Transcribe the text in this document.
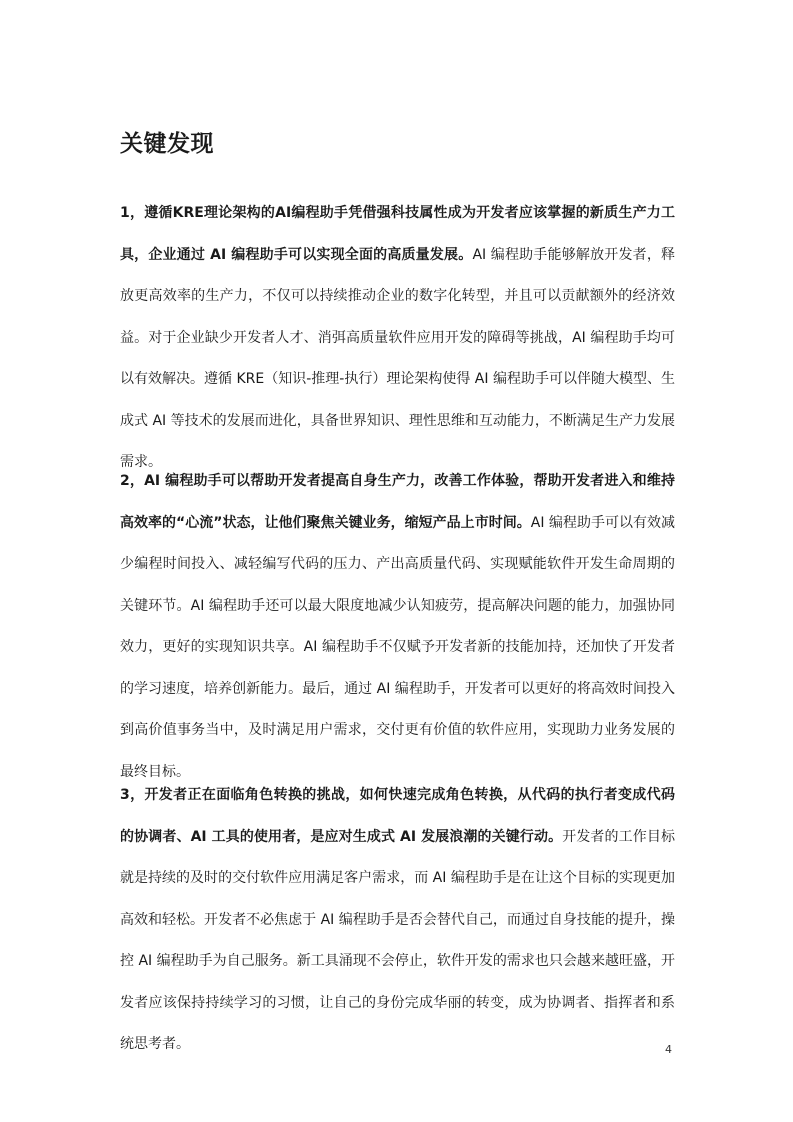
关键发现

1，遵循KRE理论架构的AI编程助手凭借强科技属性成为开发者应该掌握的新质生产力工具，企业通过 AI 编程助手可以实现全面的高质量发展。AI 编程助手能够解放开发者，释放更高效率的生产力，不仅可以持续推动企业的数字化转型，并且可以贡献额外的经济效益。对于企业缺少开发者人才、消弭高质量软件应用开发的障碍等挑战，AI 编程助手均可以有效解决。遵循 KRE（知识-推理-执行）理论架构使得 AI 编程助手可以伴随大模型、生成式 AI 等技术的发展而进化，具备世界知识、理性思维和互动能力，不断满足生产力发展需求。

2，AI 编程助手可以帮助开发者提高自身生产力，改善工作体验，帮助开发者进入和维持高效率的“心流”状态，让他们聚焦关键业务，缩短产品上市时间。AI 编程助手可以有效减少编程时间投入、减轻编写代码的压力、产出高质量代码、实现赋能软件开发生命周期的关键环节。AI 编程助手还可以最大限度地减少认知疲劳，提高解决问题的能力，加强协同效力，更好的实现知识共享。AI 编程助手不仅赋予开发者新的技能加持，还加快了开发者的学习速度，培养创新能力。最后，通过 AI 编程助手，开发者可以更好的将高效时间投入到高价值事务当中，及时满足用户需求，交付更有价值的软件应用，实现助力业务发展的最终目标。

3，开发者正在面临角色转换的挑战，如何快速完成角色转换，从代码的执行者变成代码的协调者、AI 工具的使用者，是应对生成式 AI 发展浪潮的关键行动。开发者的工作目标就是持续的及时的交付软件应用满足客户需求，而 AI 编程助手是在让这个目标的实现更加高效和轻松。开发者不必焦虑于 AI 编程助手是否会替代自己，而通过自身技能的提升，操控 AI 编程助手为自己服务。新工具涌现不会停止，软件开发的需求也只会越来越旺盛，开发者应该保持持续学习的习惯，让自己的身份完成华丽的转变，成为协调者、指挥者和系统思考者。	4
